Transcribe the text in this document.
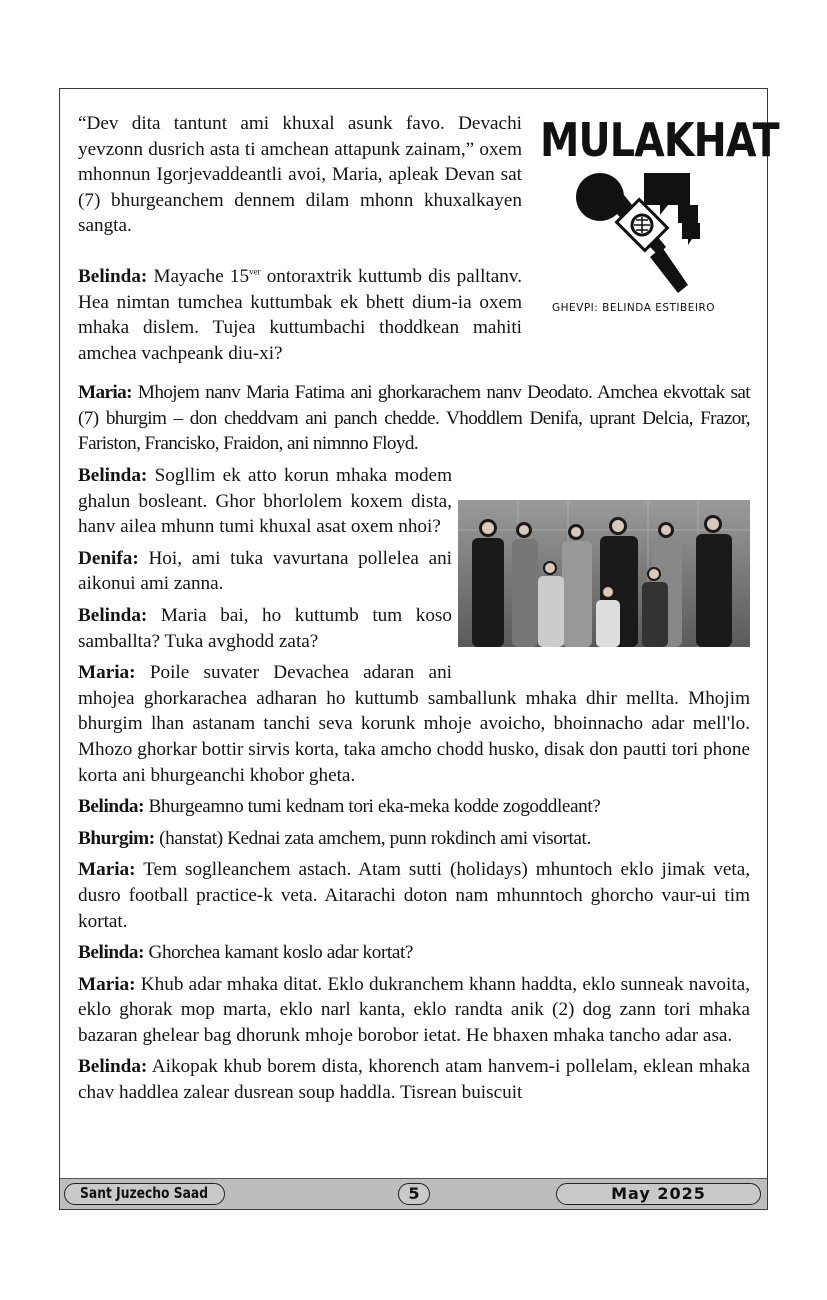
MULAKHAT
GHEVPI: BELINDA ESTIBEIRO

“Dev dita tantunt ami khuxal asunk favo. Devachi yevzonn dusrich asta ti amchean attapunk zainam,” oxem mhonnun Igorjevaddeantli avoi, Maria, apleak Devan sat (7) bhurgeanchem dennem dilam mhonn khuxalkayen sangta.

Belinda: Mayache $15^{ver}$ ontoraxtrik kuttumb dis palltanv. Hea nimtan tumchea kuttumbak ek bhett dium-ia oxem mhaka dislem. Tujea kuttumbachi thoddkean mahiti amchea vachpeank diu-xi?

Maria: Mhojem nanv Maria Fatima ani ghorkarachem nanv Deodato. Amchea ekvottak sat (7) bhurgim – don cheddvam ani panch chedde. Vhoddlem Denifa, uprant Delcia, Frazor, Fariston, Francisko, Fraidon, ani nimnno Floyd.

Belinda: Sogllim ek atto korun mhaka modem ghalun bosleant. Ghor bhorlolem koxem dista, hanv ailea mhunn tumi khuxal asat oxem nhoi?

Denifa: Hoi, ami tuka vavurtana pollelea ani aikonui ami zanna.

Belinda: Maria bai, ho kuttumb tum koso samballta? Tuka avghodd zata?

Maria: Poile suvater Devachea adaran ani mhojea ghorkarachea adharan ho kuttumb samballunk mhaka dhir mellta. Mhojim bhurgim lhan astanam tanchi seva korunk mhoje avoicho, bhoinnacho adar mell'lo. Mhozo ghorkar bottir sirvis korta, taka amcho chodd husko, disak don pautti tori phone korta ani bhurgeanchi khobor gheta.

Belinda: Bhurgeamno tumi kednam tori eka-meka kodde zogoddleant?

Bhurgim: (hanstat) Kednai zata amchem, punn rokdinch ami visortat.

Maria: Tem soglleanchem astach. Atam sutti (holidays) mhuntoch eklo jimak veta, dusro football practice-k veta. Aitarachi doton nam mhunntoch ghorcho vaur-ui tim kortat.

Belinda: Ghorchea kamant koslo adar kortat?

Maria: Khub adar mhaka ditat. Eklo dukranchem khann haddta, eklo sunneak navoita, eklo ghorak mop marta, eklo narl kanta, eklo randta anik (2) dog zann tori mhaka bazaran ghelear bag dhorunk mhoje borobor ietat. He bhaxen mhaka tancho adar asa.

Belinda: Aikopak khub borem dista, khorench atam hanvem-i pollelam, eklean mhaka chav haddlea zalear dusrean soup haddla. Tisrean buiscuit

Sant Juzecho Saad	5	May 2025
